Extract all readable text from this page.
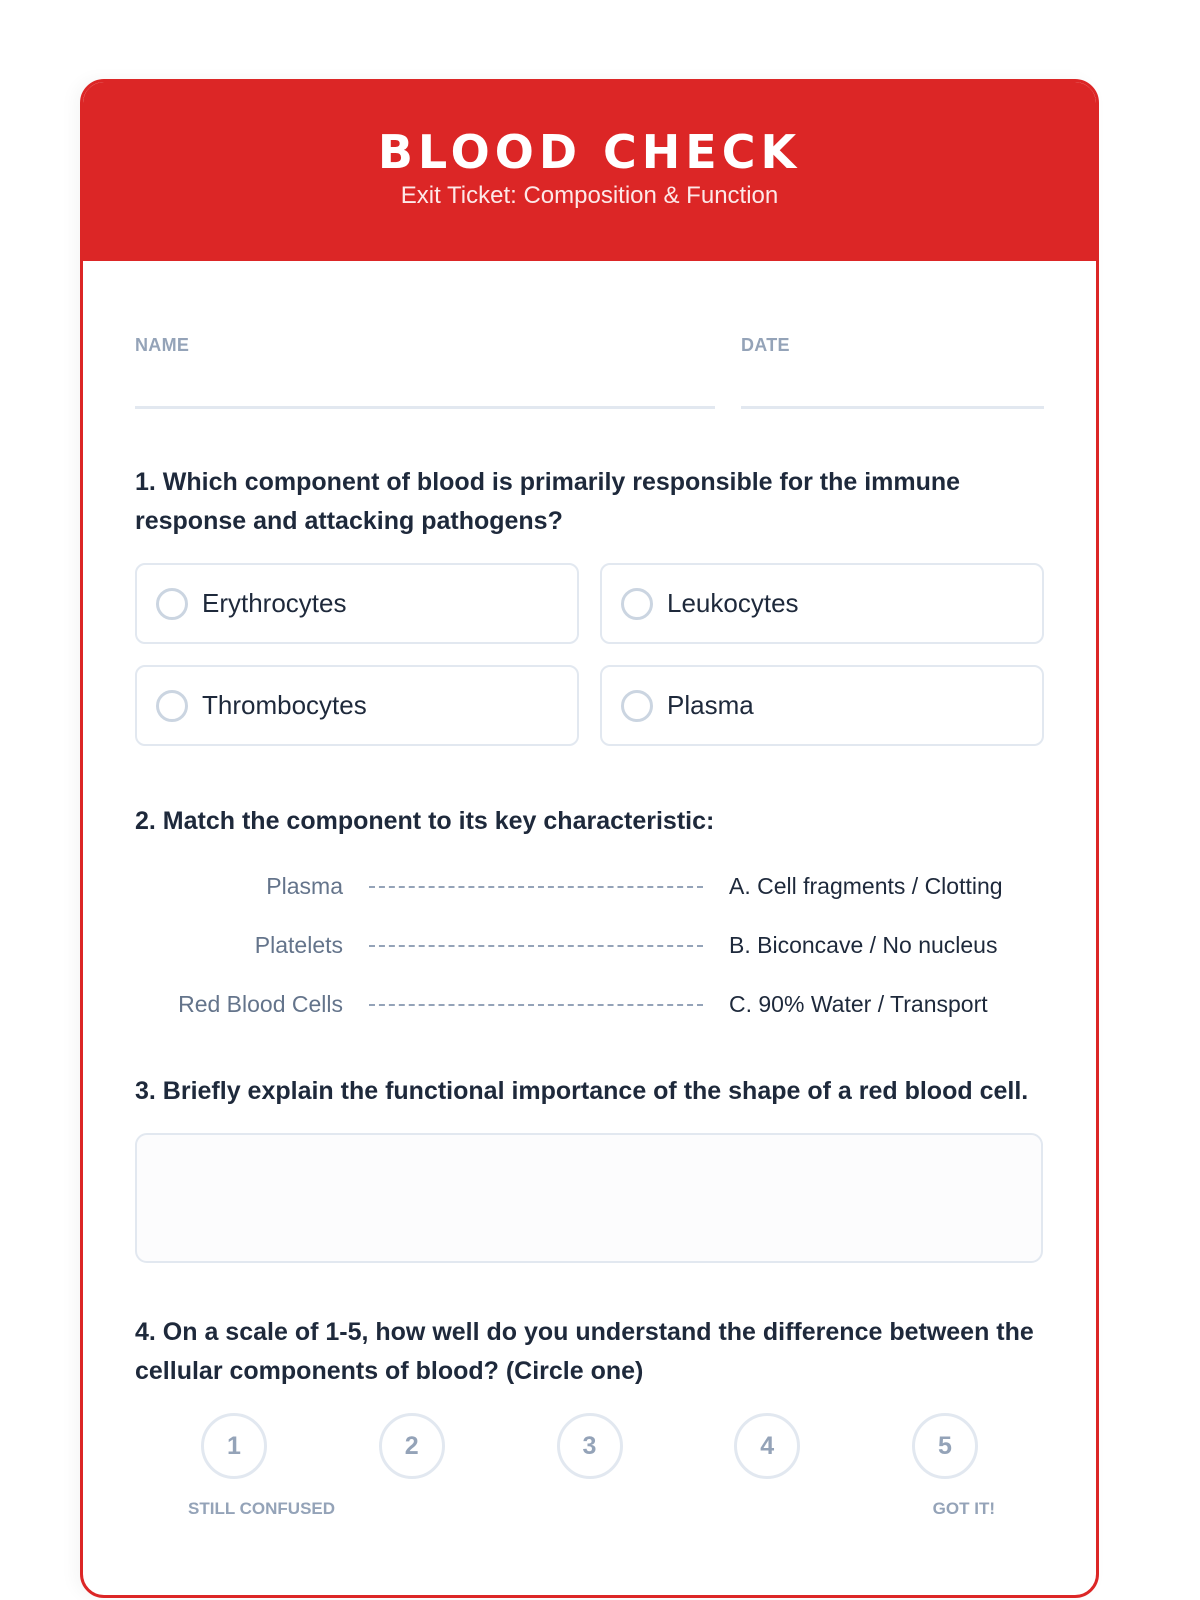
BLOOD CHECK
Exit Ticket: Composition & Function
NAME	DATE
1. Which component of blood is primarily responsible for the immune response and attacking pathogens?
Erythrocytes	Leukocytes
Thrombocytes	Plasma
2. Match the component to its key characteristic:
Plasma	A. Cell fragments / Clotting
Platelets	B. Biconcave / No nucleus
Red Blood Cells	C. 90% Water / Transport
3. Briefly explain the functional importance of the shape of a red blood cell.
4. On a scale of 1-5, how well do you understand the difference between the cellular components of blood? (Circle one)
1	2	3	4	5
STILL CONFUSED	GOT IT!
